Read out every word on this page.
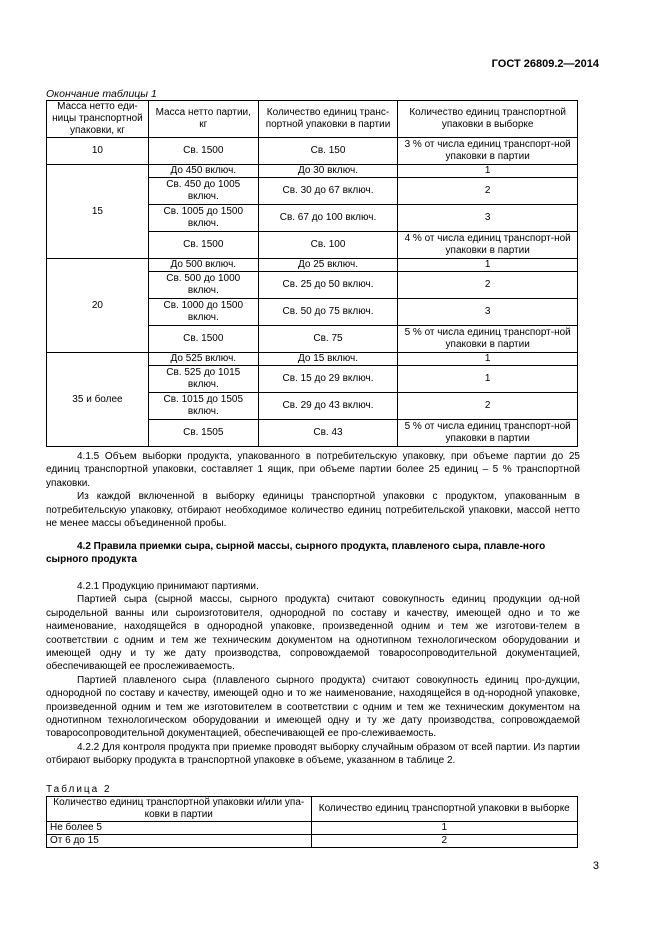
ГОСТ 26809.2—2014
Окончание таблицы 1
Масса нетто еди-ницы транспортной упаковки, кг	Масса нетто партии, кг	Количество единиц транс-портной упаковки в партии	Количество единиц транспортной упаковки в выборке
10	Св. 1500	Св. 150	3 % от числа единиц транспорт-ной упаковки в партии
15	До 450 включ.	До 30 включ.	1
	Св. 450 до 1005 включ.	Св. 30 до 67 включ.	2
	Св. 1005 до 1500 включ.	Св. 67 до 100 включ.	3
	Св. 1500	Св. 100	4 % от числа единиц транспорт-ной упаковки в партии
20	До 500 включ.	До 25 включ.	1
	Св. 500 до 1000 включ.	Св. 25 до 50 включ.	2
	Св. 1000 до 1500 включ.	Св. 50 до 75 включ.	3
	Св. 1500	Св. 75	5 % от числа единиц транспорт-ной упаковки в партии
35 и более	До 525 включ.	До 15 включ.	1
	Св. 525 до 1015 включ.	Св. 15 до 29 включ.	1
	Св. 1015 до 1505 включ.	Св. 29 до 43 включ.	2
	Св. 1505	Св. 43	5 % от числа единиц транспорт-ной упаковки в партии

4.1.5 Объем выборки продукта, упакованного в потребительскую упаковку, при объеме партии до 25 единиц транспортной упаковки, составляет 1 ящик, при объеме партии более 25 единиц – 5 % транспортной упаковки.

Из каждой включенной в выборку единицы транспортной упаковки с продуктом, упакованным в потребительскую упаковку, отбирают необходимое количество единиц потребительской упаковки, массой нетто не менее массы объединенной пробы.

4.2 Правила приемки сыра, сырной массы, сырного продукта, плавленого сыра, плавле-ного сырного продукта

4.2.1 Продукцию принимают партиями.

Партией сыра (сырной массы, сырного продукта) считают совокупность единиц продукции од-ной сыродельной ванны или сыроизготовителя, однородной по составу и качеству, имеющей одно и то же наименование, находящейся в однородной упаковке, произведенной одним и тем же изготови-телем в соответствии с одним и тем же техническим документом на однотипном технологическом оборудовании и имеющей одну и ту же дату производства, сопровождаемой товаросопроводительной документацией, обеспечивающей ее прослеживаемость.

Партией плавленого сыра (плавленого сырного продукта) считают совокупность единиц про-дукции, однородной по составу и качеству, имеющей одно и то же наименование, находящейся в од-нородной упаковке, произведенной одним и тем же изготовителем в соответствии с одним и тем же техническим документом на однотипном технологическом оборудовании и имеющей одну и ту же дату производства, сопровождаемой товаросопроводительной документацией, обеспечивающей ее про-слеживаемость.

4.2.2 Для контроля продукта при приемке проводят выборку случайным образом от всей партии. Из партии отбирают выборку продукта в транспортной упаковке в объеме, указанном в таблице 2.

Таблица 2
Количество единиц транспортной упаковки и/или упа-ковки в партии	Количество единиц транспортной упаковки в выборке
Не более 5	1
От 6 до 15	2
3
